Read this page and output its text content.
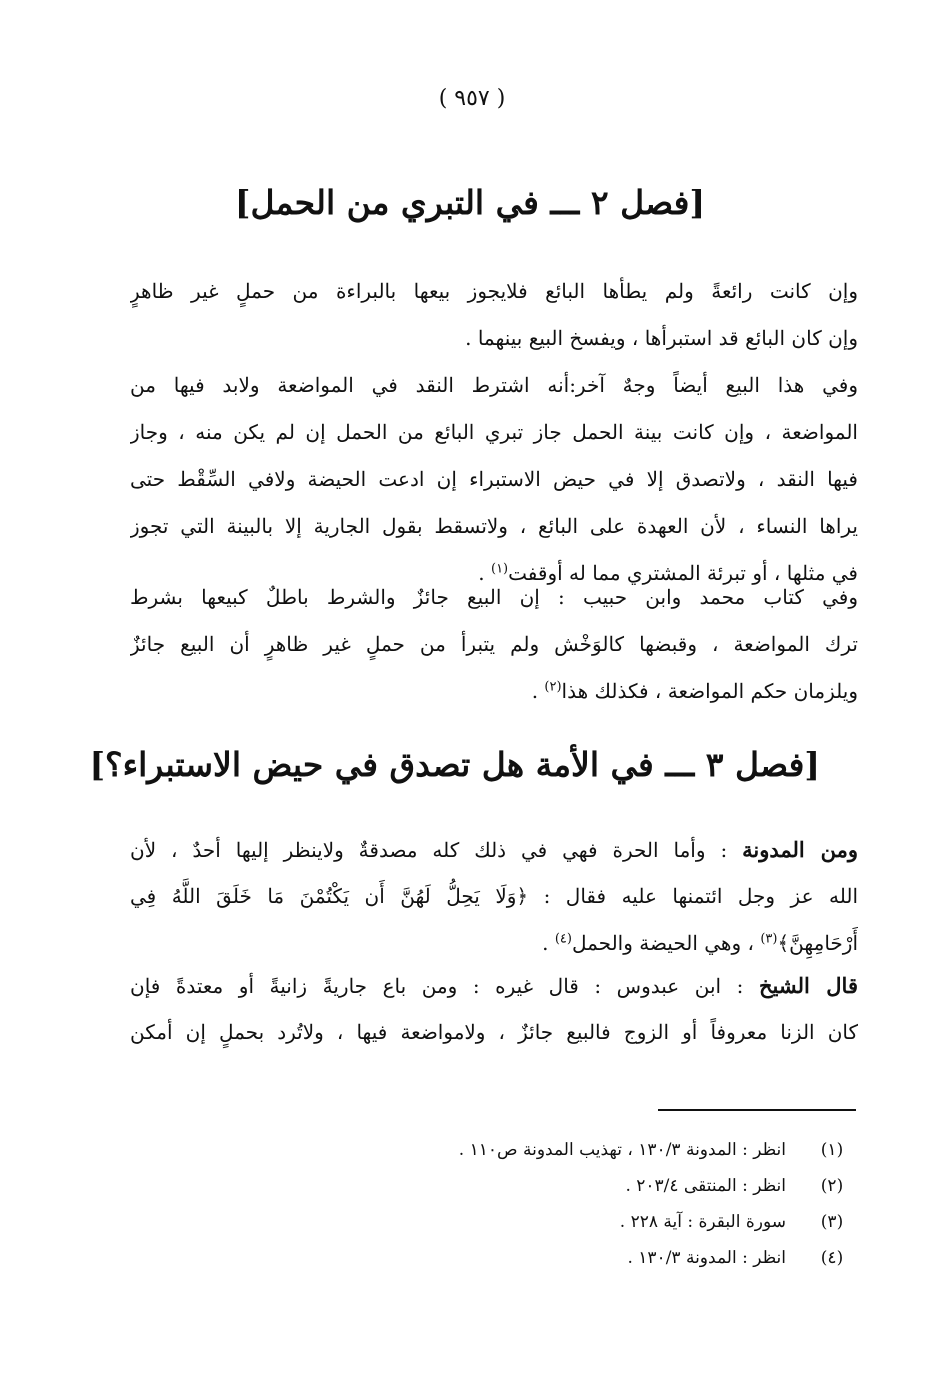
( ٩٥٧ )
[فصل ٢ ـــ في التبري من الحمل]
وإن كانت رائعةً ولم يطأها البائع فلايجوز بيعها بالبراءة من حملٍ غير ظاهرٍ
وإن كان البائع قد استبرأها ، ويفسخ البيع بينهما .
وفي هذا البيع أيضاً وجهٌ آخر:أنه اشترط النقد في المواضعة ولابد فيها من
المواضعة ، وإن كانت بينة الحمل جاز تبري البائع من الحمل إن لم يكن منه ، وجاز
فيها النقد ، ولاتصدق إلا في حيض الاستبراء إن ادعت الحيضة ولافي السِّقْط حتى
يراها النساء ، لأن العهدة على البائع ، ولاتسقط بقول الجارية إلا بالبينة التي تجوز
في مثلها ، أو تبرئة المشتري مما له أوقفت$^{(١)}$ .
وفي كتاب محمد وابن حبيب : إن البيع جائزٌ والشرط باطلٌ كبيعها بشرط
ترك المواضعة ، وقبضها كالوَخْش ولم يتبرأ من حملٍ غير ظاهرٍ أن البيع جائزٌ
ويلزمان حكم المواضعة ، فكذلك هذا$^{(٢)}$ .
[فصل ٣ ـــ في الأمة هل تصدق في حيض الاستبراء؟]
ومن المدونة : وأما الحرة فهي في ذلك كله مصدقةٌ ولاينظر إليها أحدٌ ، لأن
الله عز وجل ائتمنها عليه فقال : ﴿وَلَا يَحِلُّ لَهُنَّ أَن يَكْتُمْنَ مَا خَلَقَ اللَّهُ فِي
أَرْحَامِهِنَّ﴾$^{(٣)}$ ، وهي الحيضة والحمل$^{(٤)}$ .
قال الشيخ : ابن عبدوس : قال غيره : ومن باع جاريةً زانيةً أو معتدةً فإن
كان الزنا معروفاً أو الزوج فالبيع جائزٌ ، ولامواضعة فيها ، ولاتُرد بحملٍ إن أمكن
(١)انظر : المدونة ١٣٠/٣ ، تهذيب المدونة ص١١٠ .
(٢)انظر : المنتقى ٢٠٣/٤ .
(٣)سورة البقرة : آية ٢٢٨ .
(٤)انظر : المدونة ١٣٠/٣ .
